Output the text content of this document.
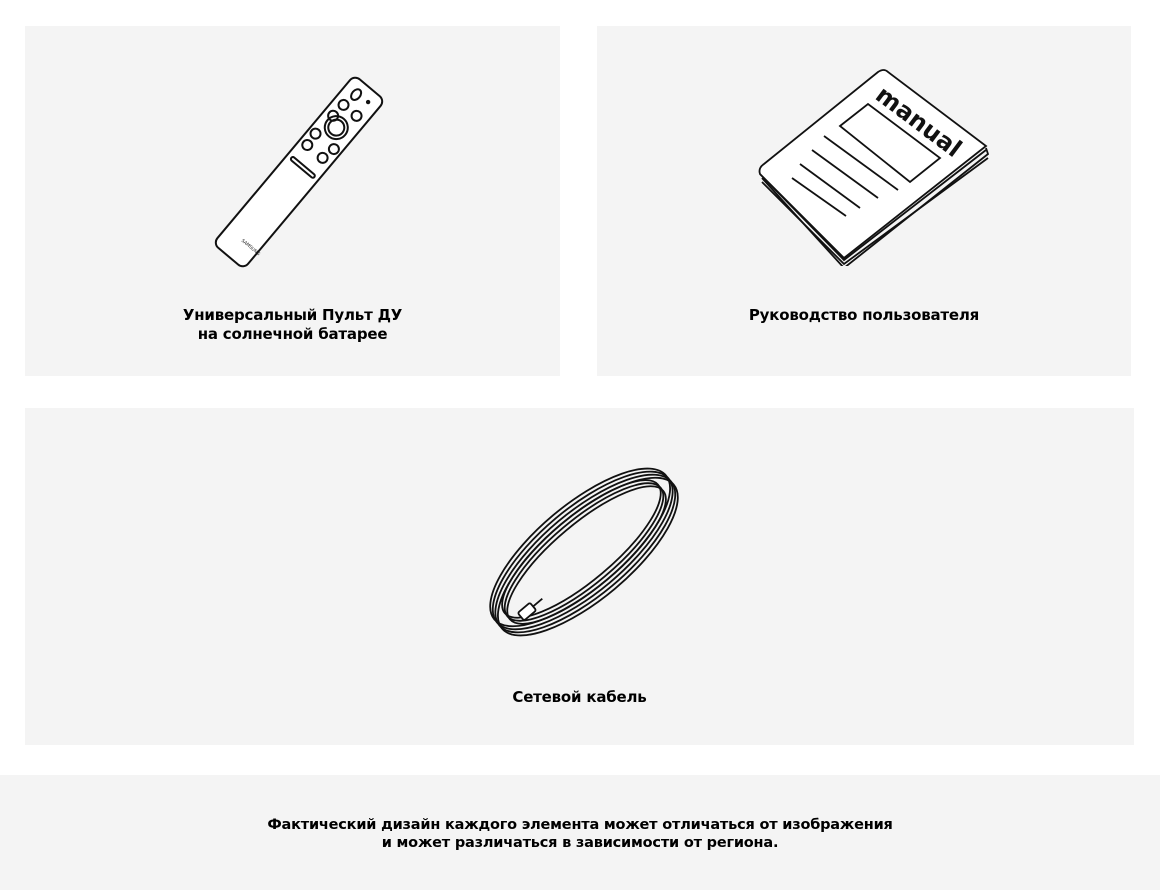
SAMSUNG
Универсальный Пульт ДУ
на солнечной батарее
manual
Руководство пользователя
Сетевой кабель
Фактический дизайн каждого элемента может отличаться от изображения
и может различаться в зависимости от региона.
